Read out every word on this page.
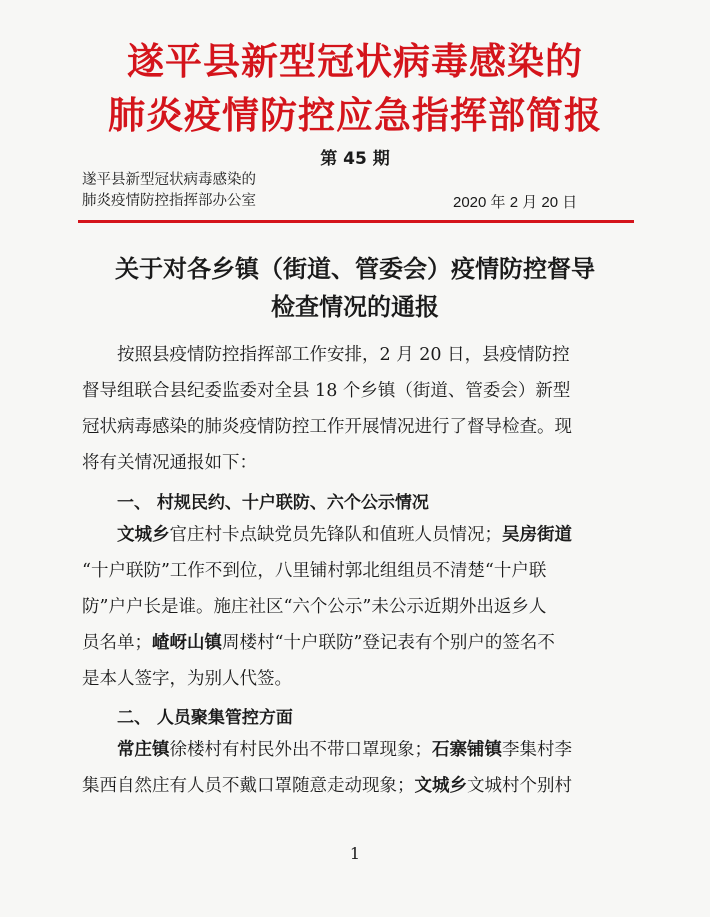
遂平县新型冠状病毒感染的
肺炎疫情防控应急指挥部简报
第 45 期
遂平县新型冠状病毒感染的
肺炎疫情防控指挥部办公室	2020 年 2 月 20 日
关于对各乡镇（街道、管委会）疫情防控督导
检查情况的通报
按照县疫情防控指挥部工作安排，2 月 20 日，县疫情防控
督导组联合县纪委监委对全县 18 个乡镇（街道、管委会）新型
冠状病毒感染的肺炎疫情防控工作开展情况进行了督导检查。现
将有关情况通报如下：
一、 村规民约、十户联防、六个公示情况
文城乡官庄村卡点缺党员先锋队和值班人员情况；吴房街道
“十户联防”工作不到位，八里铺村郭北组组员不清楚“十户联
防”户户长是谁。施庄社区“六个公示”未公示近期外出返乡人
员名单；嵖岈山镇周楼村“十户联防”登记表有个别户的签名不
是本人签字，为别人代签。
二、 人员聚集管控方面
常庄镇徐楼村有村民外出不带口罩现象；石寨铺镇李集村李
集西自然庄有人员不戴口罩随意走动现象；文城乡文城村个别村
1
